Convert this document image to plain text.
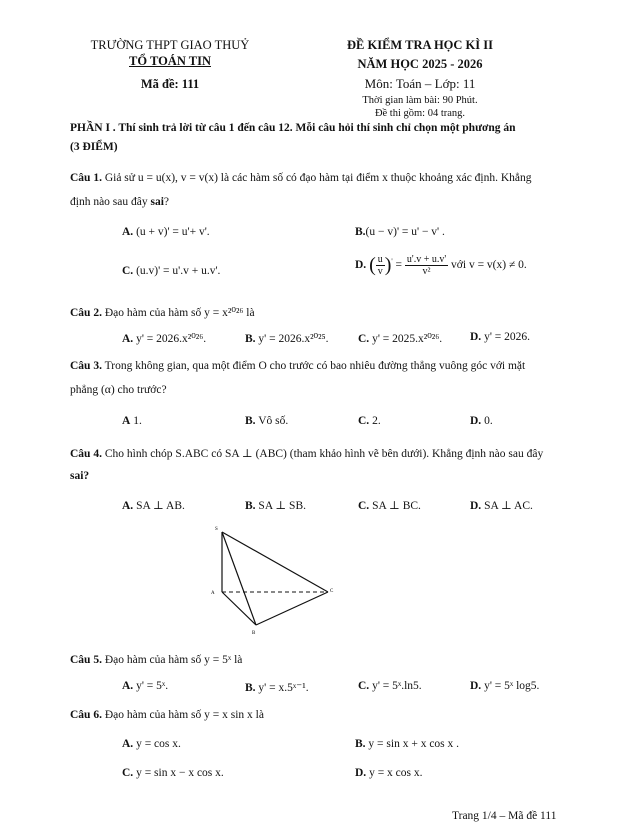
TRƯỜNG THPT GIAO THUỶ
TỔ TOÁN TIN
Mã đề: 111
ĐỀ KIỂM TRA HỌC KÌ II
NĂM HỌC 2025 - 2026
Môn: Toán – Lớp: 11
Thời gian làm bài: 90 Phút.
Đề thi gồm: 04 trang.
PHẦN I . Thí sinh trả lời từ câu 1 đến câu 12. Mỗi câu hỏi thí sinh chỉ chọn một phương án
(3 ĐIỂM)
Câu 1. Giả sử u = u(x), v = v(x) là các hàm số có đạo hàm tại điểm x thuộc khoảng xác định. Khẳng
định nào sau đây sai?
A. (u + v)' = u'+ v'.	B.(u − v)' = u' − v' .
C. (u.v)' = u'.v + u.v'.	D. ( $\frac{u}{v} )' = \frac{u'.v + u.v'}{\text{v²}}$ với v = v(x) ≠ 0.
Câu 2. Đạo hàm của hàm số y = x²⁰²⁶ là
A. y' = 2026.x²⁰²⁶.	B. y' = 2026.x²⁰²⁵.	C. y' = 2025.x²⁰²⁶. D. y' = 2026.
Câu 3. Trong không gian, qua một điểm O cho trước có bao nhiêu đường thẳng vuông góc với mặt
phẳng (α) cho trước?
A 1.	B. Vô số.	C. 2.	D. 0.
Câu 4. Cho hình chóp S.ABC có SA ⊥ (ABC) (tham khảo hình vẽ bên dưới). Khẳng định nào sau đây
sai?
A. SA ⊥ AB.	B. SA ⊥ SB.	C. SA ⊥ BC.	D. SA ⊥ AC.
S
A	C
B
Câu 5. Đạo hàm của hàm số y = 5ˣ là
A. y' = 5ˣ.	B. y' = x.5ˣ⁻¹.	C. y' = 5ˣ.ln5.	D. y' = 5ˣ log5.
Câu 6. Đạo hàm của hàm số y = x sin x là
A. y = cos x.	B. y = sin x + x cos x .
C. y = sin x − x cos x.	D. y = x cos x.
Trang 1/4 – Mã đề 111
